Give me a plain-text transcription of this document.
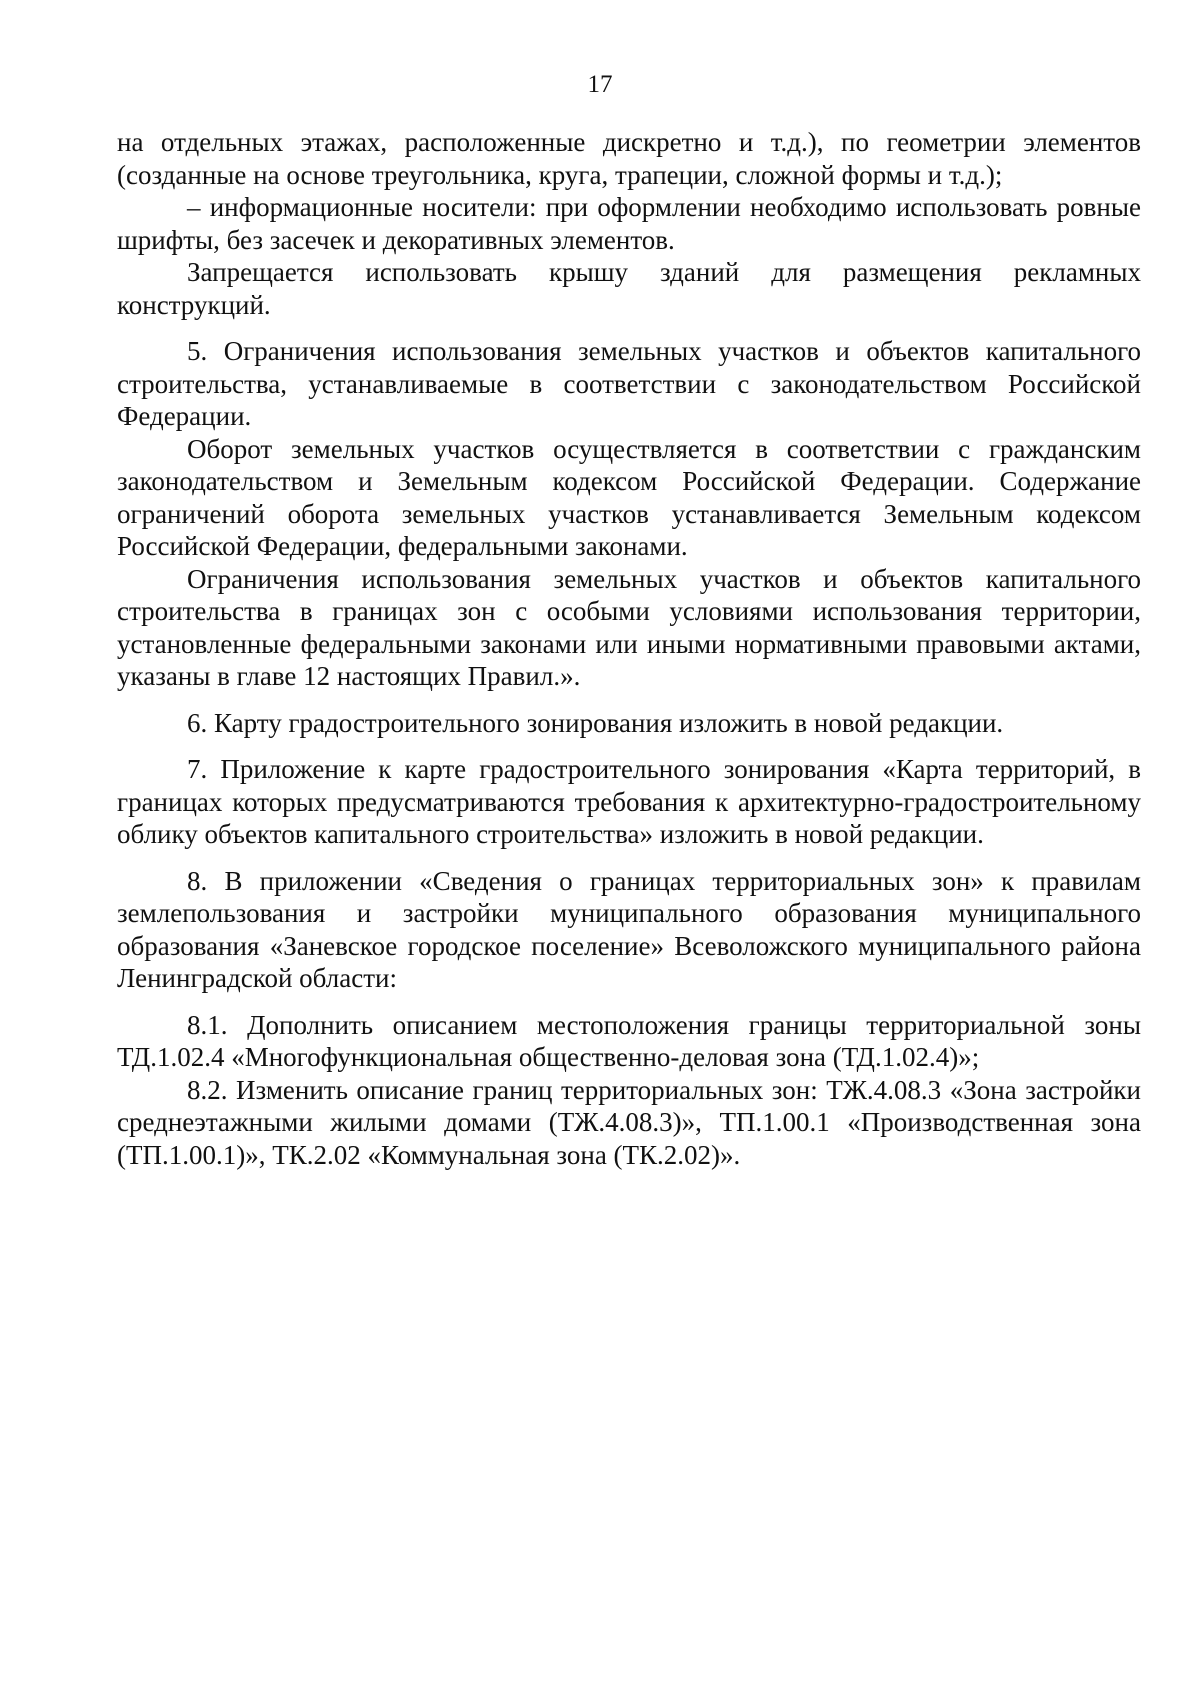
17

на отдельных этажах, расположенные дискретно и т.д.), по геометрии элементов (созданные на основе треугольника, круга, трапеции, сложной формы и т.д.);

– информационные носители: при оформлении необходимо использовать ровные шрифты, без засечек и декоративных элементов.

Запрещается использовать крышу зданий для размещения рекламных конструкций.

5. Ограничения использования земельных участков и объектов капитального строительства, устанавливаемые в соответствии с законодательством Российской Федерации.

Оборот земельных участков осуществляется в соответствии с гражданским законодательством и Земельным кодексом Российской Федерации. Содержание ограничений оборота земельных участков устанавливается Земельным кодексом Российской Федерации, федеральными законами.

Ограничения использования земельных участков и объектов капитального строительства в границах зон с особыми условиями использования территории, установленные федеральными законами или иными нормативными правовыми актами, указаны в главе 12 настоящих Правил.».

6. Карту градостроительного зонирования изложить в новой редакции.

7. Приложение к карте градостроительного зонирования «Карта территорий, в границах которых предусматриваются требования к архитектурно-градостроительному облику объектов капитального строительства» изложить в новой редакции.

8. В приложении «Сведения о границах территориальных зон» к правилам землепользования и застройки муниципального образования муниципального образования «Заневское городское поселение» Всеволожского муниципального района Ленинградской области:

8.1. Дополнить описанием местоположения границы территориальной зоны ТД.1.02.4 «Многофункциональная общественно-деловая зона (ТД.1.02.4)»;

8.2. Изменить описание границ территориальных зон: ТЖ.4.08.3 «Зона застройки среднеэтажными жилыми домами (ТЖ.4.08.3)», ТП.1.00.1 «Производственная зона (ТП.1.00.1)», ТК.2.02 «Коммунальная зона (ТК.2.02)».
